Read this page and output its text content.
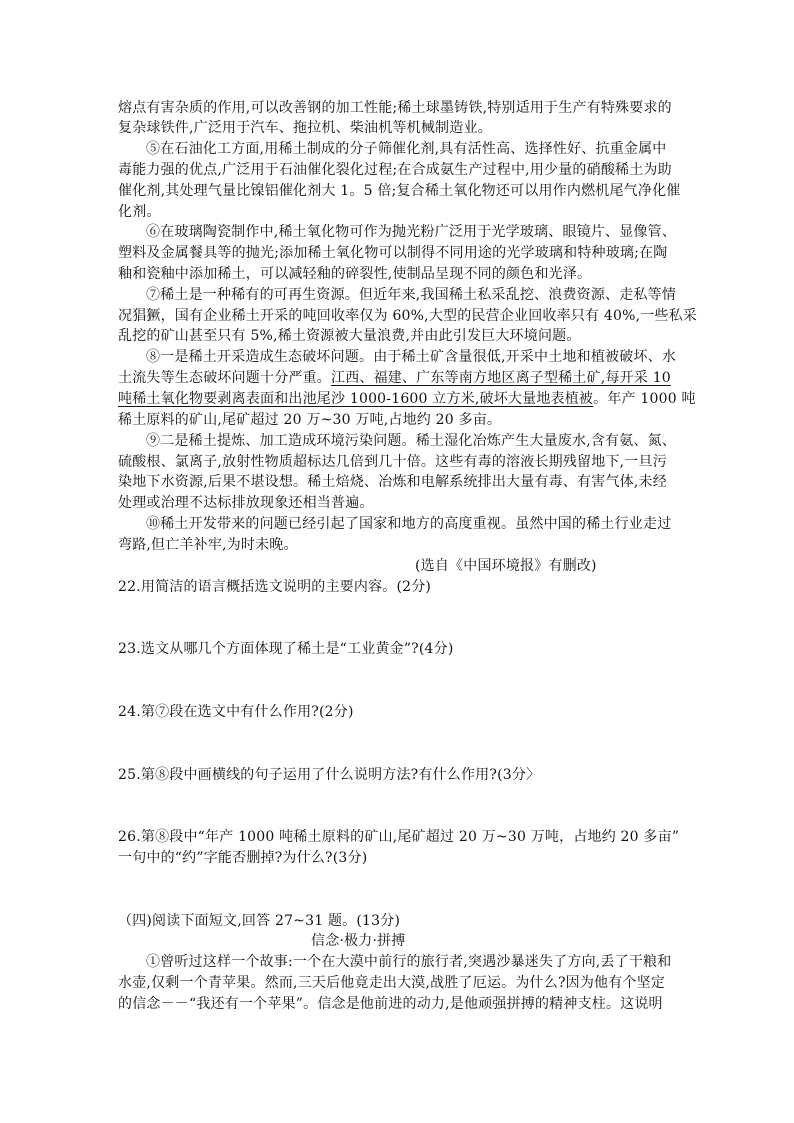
熔点有害杂质的作用,可以改善钢的加工性能;稀土球墨铸铁,特别适用于生产有特殊要求的
复杂球铁件,广泛用于汽车、拖拉机、柴油机等机械制造业。
⑤在石油化工方面,用稀土制成的分子筛催化剂,具有活性高、选择性好、抗重金属中
毒能力强的优点,广泛用于石油催化裂化过程;在合成氨生产过程中,用少量的硝酸稀土为助
催化剂,其处理气量比镍铝催化剂大 1。5 倍;复合稀土氧化物还可以用作内燃机尾气净化催
化剂。
⑥在玻璃陶瓷制作中,稀土氧化物可作为抛光粉广泛用于光学玻璃、眼镜片、显像管、
塑料及金属餐具等的抛光;添加稀土氧化物可以制得不同用途的光学玻璃和特种玻璃;在陶
釉和瓷釉中添加稀土，可以减轻釉的碎裂性,使制品呈现不同的颜色和光泽。
⑦稀土是一种稀有的可再生资源。但近年来,我国稀土私采乱挖、浪费资源、走私等情
况猖獗，国有企业稀土开采的吨回收率仅为 60%,大型的民营企业回收率只有 40%,一些私采
乱挖的矿山甚至只有 5%,稀土资源被大量浪费,并由此引发巨大环境问题。
⑧一是稀土开采造成生态破坏问题。由于稀土矿含量很低,开采中土地和植被破坏、水
土流失等生态破坏问题十分严重。江西、福建、广东等南方地区离子型稀土矿,每开采 10
吨稀土氧化物要剥离表面和出池尾沙 1000-1600 立方米,破坏大量地表植被。年产 1000 吨
稀土原料的矿山,尾矿超过 20 万~30 万吨,占地约 20 多亩。
⑨二是稀土提炼、加工造成环境污染问题。稀土湿化冶炼产生大量废水,含有氨、氮、
硫酸根、氯离子,放射性物质超标达几倍到几十倍。这些有毒的溶液长期残留地下,一旦污
染地下水资源,后果不堪设想。稀土焙烧、冶炼和电解系统排出大量有毒、有害气体,未经
处理或治理不达标排放现象还相当普遍。
⑩稀土开发带来的问题已经引起了国家和地方的高度重视。虽然中国的稀土行业走过
弯路,但亡羊补牢,为时未晚。
(选自《中国环境报》有删改)
22.用简洁的语言概括选文说明的主要内容。(2分)
23.选文从哪几个方面体现了稀土是“工业黄金”?(4分)
24.第⑦段在选文中有什么作用?(2分)
25.第⑧段中画横线的句子运用了什么说明方法?有什么作用?(3分〉
26.第⑧段中“年产 1000 吨稀土原料的矿山,尾矿超过 20 万~30 万吨，占地约 20 多亩”
一句中的“约”字能否删掉?为什么?(3分)
（四)阅读下面短文,回答 27~31 题。(13分)
信念·极力·拼搏
①曾听过这样一个故事:一个在大漠中前行的旅行者,突遇沙暴迷失了方向,丢了干粮和
水壶,仅剩一个青苹果。然而,三天后他竟走出大漠,战胜了厄运。为什么?因为他有个坚定
的信念－－“我还有一个苹果”。信念是他前进的动力,是他顽强拼搏的精神支柱。这说明
